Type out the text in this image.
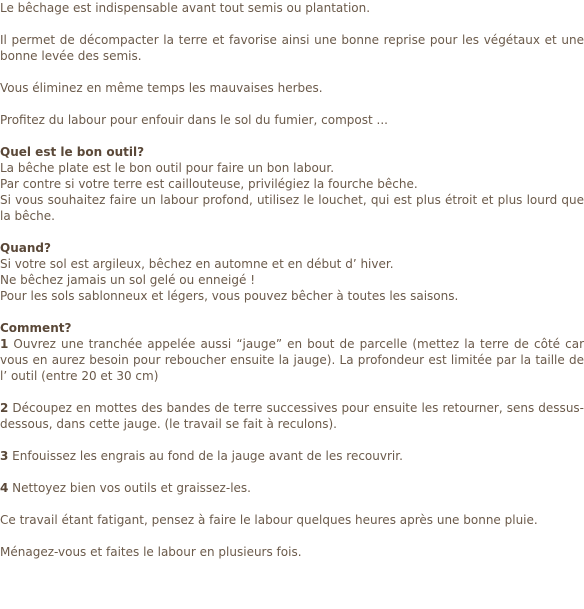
Le bêchage est indispensable avant tout semis ou plantation.

Il permet de décompacter la terre et favorise ainsi une bonne reprise pour les végétaux et une bonne levée des semis.

Vous éliminez en même temps les mauvaises herbes.

Profitez du labour pour enfouir dans le sol du fumier, compost ...

Quel est le bon outil?

La bêche plate est le bon outil pour faire un bon labour.

Par contre si votre terre est caillouteuse, privilégiez la fourche bêche.

Si vous souhaitez faire un labour profond, utilisez le louchet, qui est plus étroit et plus lourd que la bêche.

Quand?

Si votre sol est argileux, bêchez en automne et en début d’ hiver.

Ne bêchez jamais un sol gelé ou enneigé !

Pour les sols sablonneux et légers, vous pouvez bêcher à toutes les saisons.

Comment?

1 Ouvrez une tranchée appelée aussi “jauge” en bout de parcelle (mettez la terre de côté car vous en aurez besoin pour reboucher ensuite la jauge). La profondeur est limitée par la taille de l’ outil (entre 20 et 30 cm)

2 Découpez en mottes des bandes de terre successives pour ensuite les retourner, sens dessus-dessous, dans cette jauge. (le travail se fait à reculons).

3 Enfouissez les engrais au fond de la jauge avant de les recouvrir.

4 Nettoyez bien vos outils et graissez-les.

Ce travail étant fatigant, pensez à faire le labour quelques heures après une bonne pluie.

Ménagez-vous et faites le labour en plusieurs fois.
